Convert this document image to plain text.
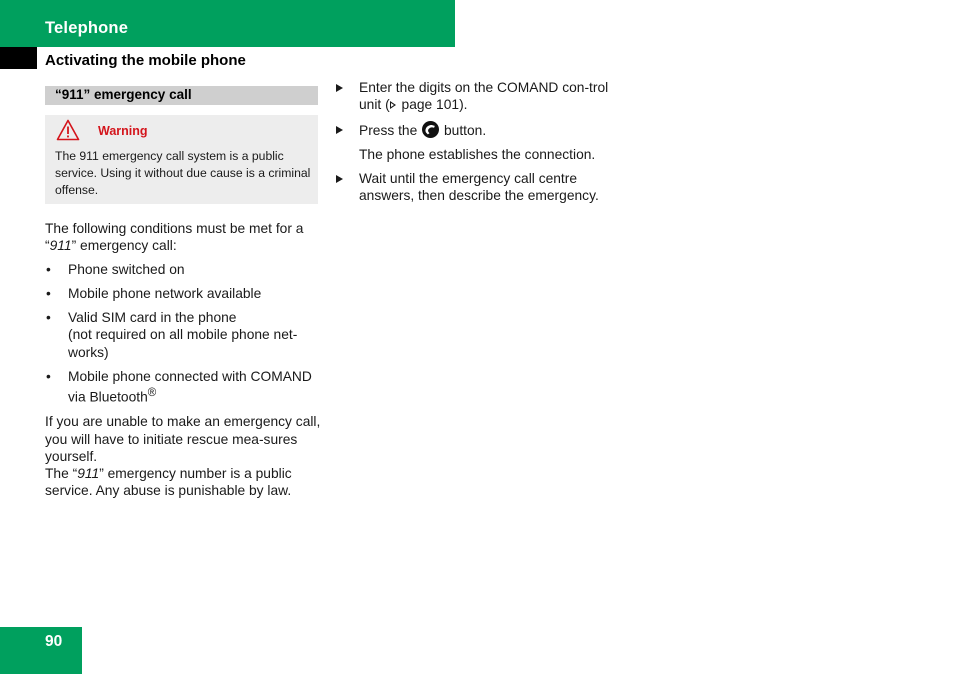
Telephone
Activating the mobile phone
“911” emergency call
Warning
The 911 emergency call system is a public service. Using it without due cause is a criminal offense.

The following conditions must be met for a “911” emergency call:

• Phone switched on
• Mobile phone network available
• Valid SIM card in the phone
(not required on all mobile phone net-works)
• Mobile phone connected with COMAND via Bluetooth®

If you are unable to make an emergency call, you will have to initiate rescue mea-sures yourself.

The “911” emergency number is a public service. Any abuse is punishable by law.

Enter the digits on the COMAND con-trol unit ( page 101).
Press the button.
The phone establishes the connection.
Wait until the emergency call centre answers, then describe the emergency.
90
